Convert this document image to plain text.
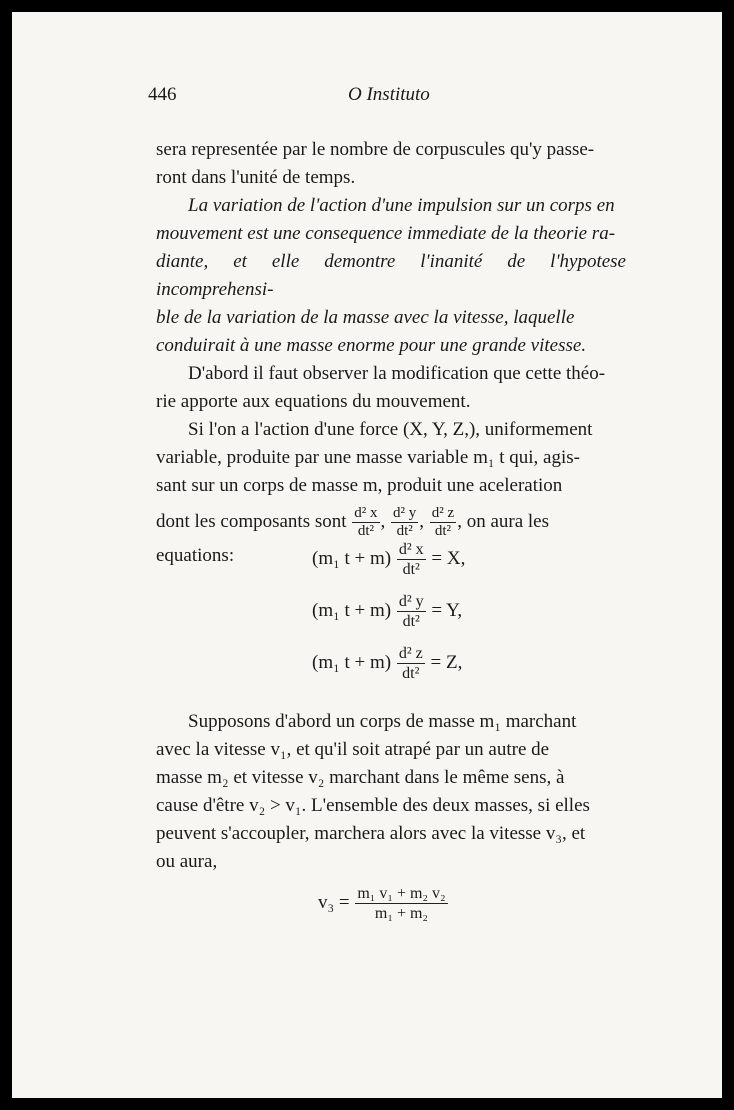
446	O Instituto

sera representée par le nombre de corpuscules qu'y passe-
ront dans l'unité de temps.

La variation de l'action d'une impulsion sur un corps en
mouvement est une consequence immediate de la theorie ra-
diante, et elle demontre l'inanité de l'hypotese incomprehensi-
ble de la variation de la masse avec la vitesse, laquelle
conduirait à une masse enorme pour une grande vitesse.

D'abord il faut observer la modification que cette théo-
rie apporte aux equations du mouvement.

Si l'on a l'action d'une force (X, Y, Z,), uniformement
variable, produite par une masse variable m₁ t qui, agis-
sant sur un corps de masse m, produit une aceleration

dont les composants sont $\frac{\text{d² x}}{\text{dt²}}$ , $\frac{\text{d² y}}{\text{dt²}}$ , $\frac{\text{d² z}}{\text{dt²}}$ , on aura les
equations:	(m₁ $t + m) \frac{\text{d² x}}{\text{dt²}} = X$,
(m₁ $t + m) \frac{\text{d² y}}{\text{dt²}} = Y$,
(m₁ $t + m) \frac{\text{d² z}}{\text{dt²}} = Z$,

Supposons d'abord un corps de masse m₁ marchant
avec la vitesse v₁, et qu'il soit atrapé par un autre de
masse m₂ et vitesse v₂ marchant dans le même sens, à
cause d'être v₂ > v₁. L'ensemble des deux masses, si elles
peuvent s'accoupler, marchera alors avec la vitesse v₃, et
ou aura,

$v_3 = \frac{\text{m₁ v₁ + m₂ v₂}}{\text{m₁ + m₂}}$
